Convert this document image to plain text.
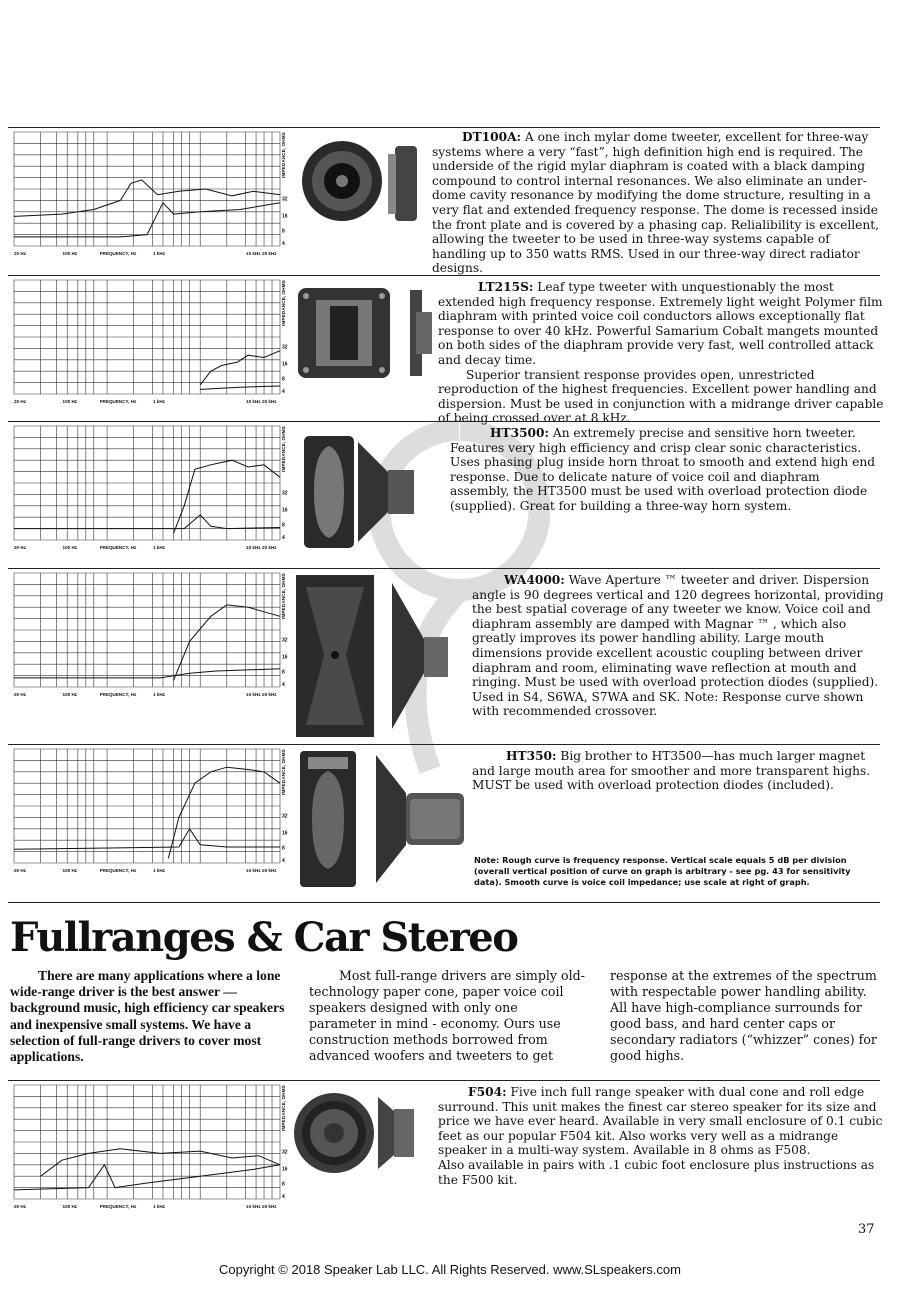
20 Hz	100 Hz	FREQUENCY, Hz	1 kHz	10 kHz 20 kHz
IMPEDANCE, OHMS
32
16
8
4

DT100A: A one inch mylar dome tweeter, excellent for three-way systems where a very “fast”, high definition high end is required. The underside of the rigid mylar diaphram is coated with a black damping compound to control internal resonances. We also eliminate an under-dome cavity resonance by modifying the dome structure, resulting in a very flat and extended frequency response. The dome is recessed inside the front plate and is covered by a phasing cap. Relialibility is excellent, allowing the tweeter to be used in three-way systems capable of handling up to 350 watts RMS. Used in our three-way direct radiator designs.

20 Hz	100 Hz	FREQUENCY, Hz	1 kHz	10 kHz 20 kHz
IMPEDANCE, OHMS
32
16
8
4
LT215S: Leaf type tweeter with unquestionably the most extended high frequency response. Extremely light weight Polymer film diaphram with printed voice coil conductors allows exceptionally flat response to over 40 kHz. Powerful Samarium Cobalt mangets mounted on both sides of the diaphram provide very fast, well controlled attack and decay time.
Superior transient response provides open, unrestricted reproduction of the highest frequencies. Excellent power handling and dispersion. Must be used in conjunction with a midrange driver capable of being crossed over at 8 kHz.
20 Hz	100 Hz	FREQUENCY, Hz	1 kHz	10 kHz 20 kHz
IMPEDANCE, OHMS
32
16
8
4

HT3500: An extremely precise and sensitive horn tweeter. Features very high efficiency and crisp clear sonic characteristics. Uses phasing plug inside horn throat to smooth and extend high end response. Due to delicate nature of voice coil and diaphram assembly, the HT3500 must be used with overload protection diode (supplied). Great for building a three-way horn system.

20 Hz	100 Hz	FREQUENCY, Hz	1 kHz	10 kHz 20 kHz
IMPEDANCE, OHMS
32
16
8
4

WA4000: Wave Aperture ™ tweeter and driver. Dispersion angle is 90 degrees vertical and 120 degrees horizontal, providing the best spatial coverage of any tweeter we know. Voice coil and diaphram assembly are damped with Magnar ™ , which also greatly improves its power handling ability. Large mouth dimensions provide excellent acoustic coupling between driver diaphram and room, eliminating wave reflection at mouth and ringing. Must be used with overload protection diodes (supplied). Used in S4, S6WA, S7WA and SK. Note: Response curve shown with recommended crossover.

20 Hz	100 Hz	FREQUENCY, Hz	1 kHz	10 kHz 20 kHz
IMPEDANCE, OHMS
32
16
8
4

HT350: Big brother to HT3500—has much larger magnet and large mouth area for smoother and more transparent highs. MUST be used with overload protection diodes (included).

Note: Rough curve is frequency response. Vertical scale equals 5 dB per division (overall vertical position of curve on graph is arbitrary - see pg. 43 for sensitivity data). Smooth curve is voice coil impedance; use scale at right of graph.

Fullranges & Car Stereo

There are many applications where a lone wide-range driver is the best answer — background music, high efficiency car speakers and inexpensive small systems. We have a selection of full-range drivers to cover most applications.

Most full-range drivers are simply old-technology paper cone, paper voice coil speakers designed with only one parameter in mind - economy. Ours use construction methods borrowed from advanced woofers and tweeters to get

response at the extremes of the spectrum with respectable power handling ability. All have high-compliance surrounds for good bass, and hard center caps or secondary radiators (“whizzer” cones) for good highs.

20 Hz	100 Hz	FREQUENCY, Hz	1 kHz	10 kHz 20 kHz
IMPEDANCE, OHMS
32
16
8
4
F504: Five inch full range speaker with dual cone and roll edge surround. This unit makes the finest car stereo speaker for its size and price we have ever heard. Available in very small enclosure of 0.1 cubic feet as our popular F504 kit. Also works very well as a midrange speaker in a multi-way system. Available in 8 ohms as F508.
Also available in pairs with .1 cubic foot enclosure plus instructions as the F500 kit.

37

Copyright © 2018 Speaker Lab LLC. All Rights Reserved. www.SLspeakers.com
